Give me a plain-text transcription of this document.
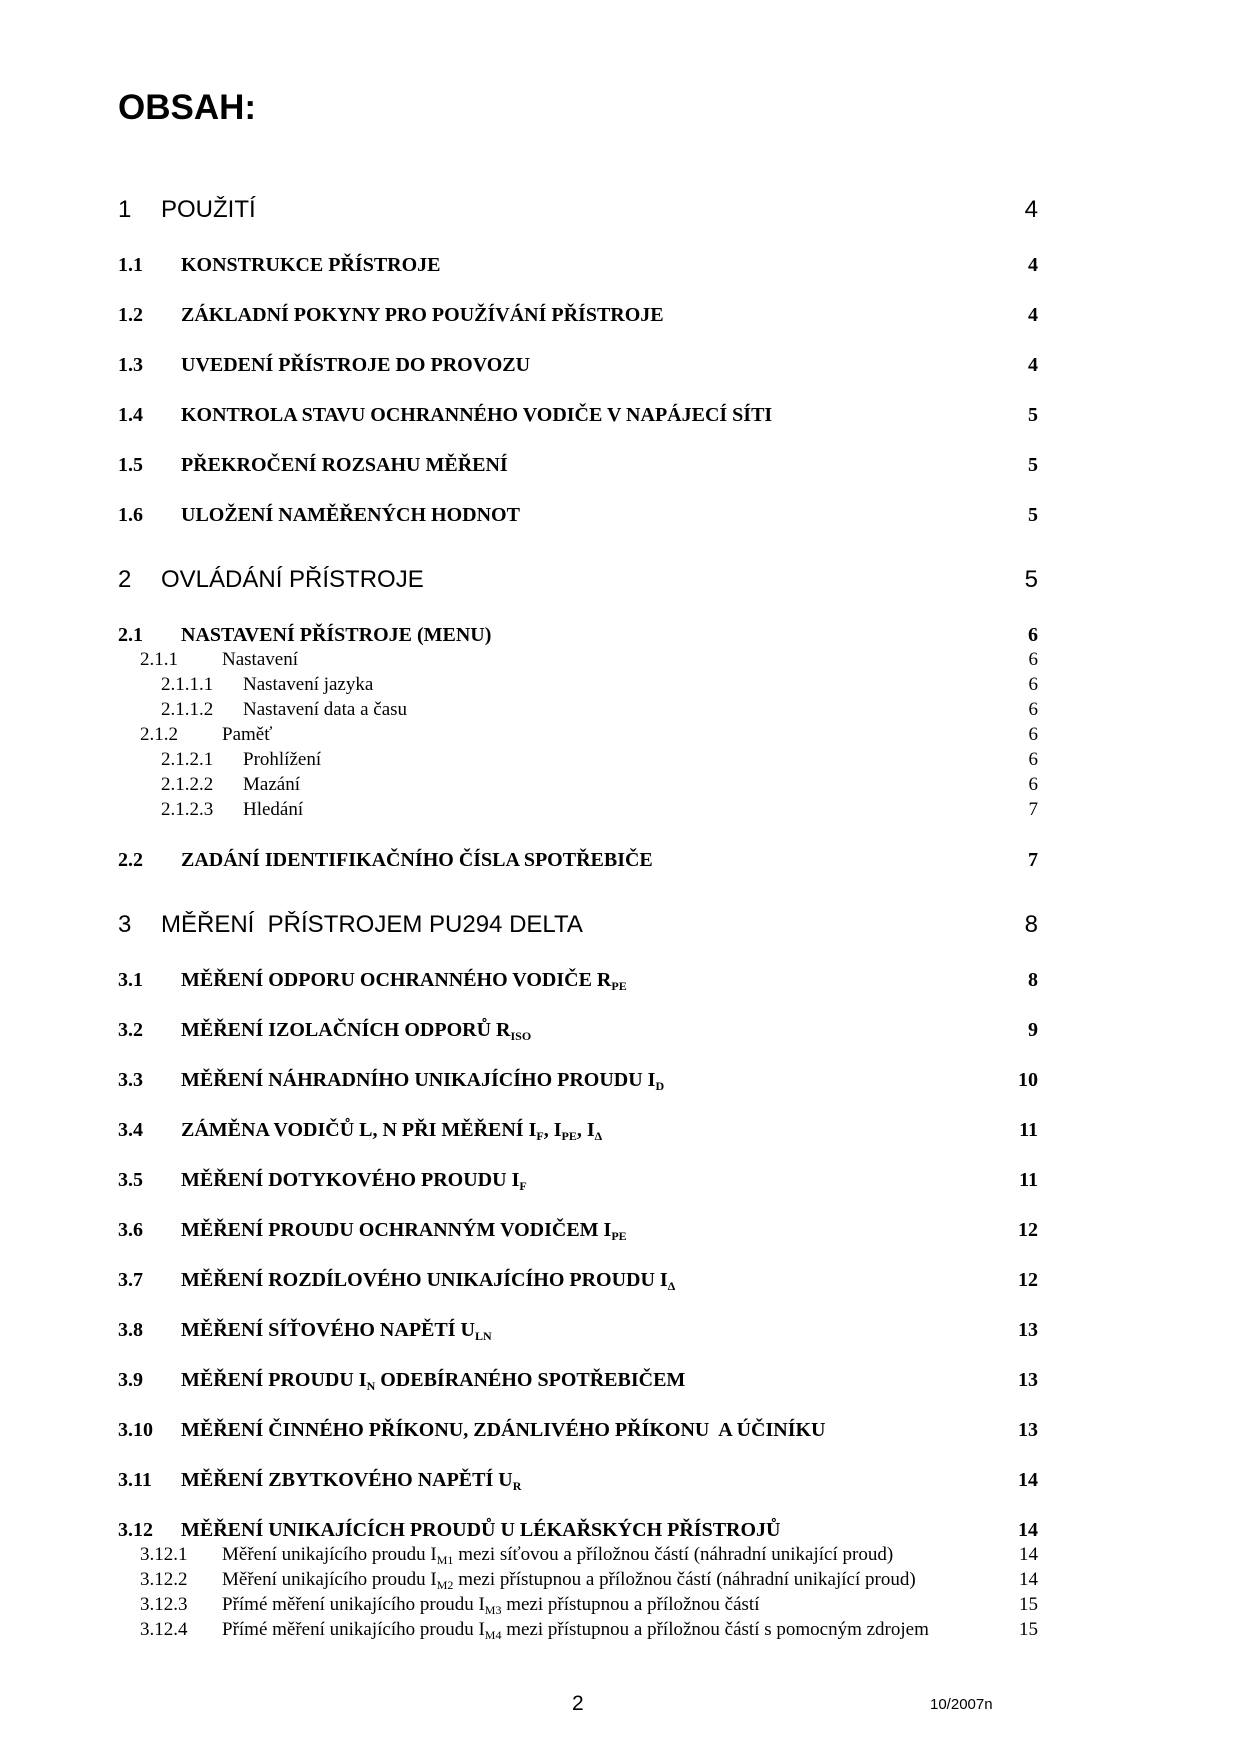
OBSAH:
1 POUŽITÍ	4
1.1 KONSTRUKCE PŘÍSTROJE	4
1.2 ZÁKLADNÍ POKYNY PRO POUŽÍVÁNÍ PŘÍSTROJE	4
1.3 UVEDENÍ PŘÍSTROJE DO PROVOZU	4
1.4 KONTROLA STAVU OCHRANNÉHO VODIČE V NAPÁJECÍ SÍTI	5
1.5 PŘEKROČENÍ ROZSAHU MĚŘENÍ	5
1.6 ULOŽENÍ NAMĚŘENÝCH HODNOT	5
2 OVLÁDÁNÍ PŘÍSTROJE	5
2.1 NASTAVENÍ PŘÍSTROJE (MENU)	6
2.1.1 Nastavení	6
2.1.1.1 Nastavení jazyka	6
2.1.1.2 Nastavení data a času	6
2.1.2 Paměť	6
2.1.2.1 Prohlížení	6
2.1.2.2 Mazání	6
2.1.2.3 Hledání	7
2.2 ZADÁNÍ IDENTIFIKAČNÍHO ČÍSLA SPOTŘEBIČE	7
3 MĚŘENÍ  PŘÍSTROJEM PU294 DELTA	8
3.1 MĚŘENÍ ODPORU OCHRANNÉHO VODIČE $R_{PE}$	8
3.2 MĚŘENÍ IZOLAČNÍCH ODPORŮ $R_{ISO}$	9
3.3 MĚŘENÍ NÁHRADNÍHO UNIKAJÍCÍHO PROUDU $I_D$	10
3.4 ZÁMĚNA VODIČŮ L, N PŘI MĚŘENÍ $I_F$, $I_{PE}$, $I_\Delta$	11
3.5 MĚŘENÍ DOTYKOVÉHO PROUDU $I_F$	11
3.6 MĚŘENÍ PROUDU OCHRANNÝM VODIČEM $I_{PE}$	12
3.7 MĚŘENÍ ROZDÍLOVÉHO UNIKAJÍCÍHO PROUDU $I_\Delta$	12
3.8 MĚŘENÍ SÍŤOVÉHO NAPĚTÍ $U_{LN}$	13
3.9 MĚŘENÍ PROUDU $I_N$ ODEBÍRANÉHO SPOTŘEBIČEM	13
3.10 MĚŘENÍ ČINNÉHO PŘÍKONU, ZDÁNLIVÉHO PŘÍKONU  A ÚČINÍKU	13
3.11 MĚŘENÍ ZBYTKOVÉHO NAPĚTÍ $U_R$	14
3.12 MĚŘENÍ UNIKAJÍCÍCH PROUDŮ U LÉKAŘSKÝCH PŘÍSTROJŮ	14
3.12.1 Měření unikajícího proudu $I_{M1}$ mezi síťovou a příložnou částí (náhradní unikající proud)	14
3.12.2 Měření unikajícího proudu $I_{M2}$ mezi přístupnou a příložnou částí (náhradní unikající proud)	14
3.12.3 Přímé měření unikajícího proudu $I_{M3}$ mezi přístupnou a příložnou částí	15
3.12.4 Přímé měření unikajícího proudu $I_{M4}$ mezi přístupnou a příložnou částí s pomocným zdrojem	15
2	10/2007n
